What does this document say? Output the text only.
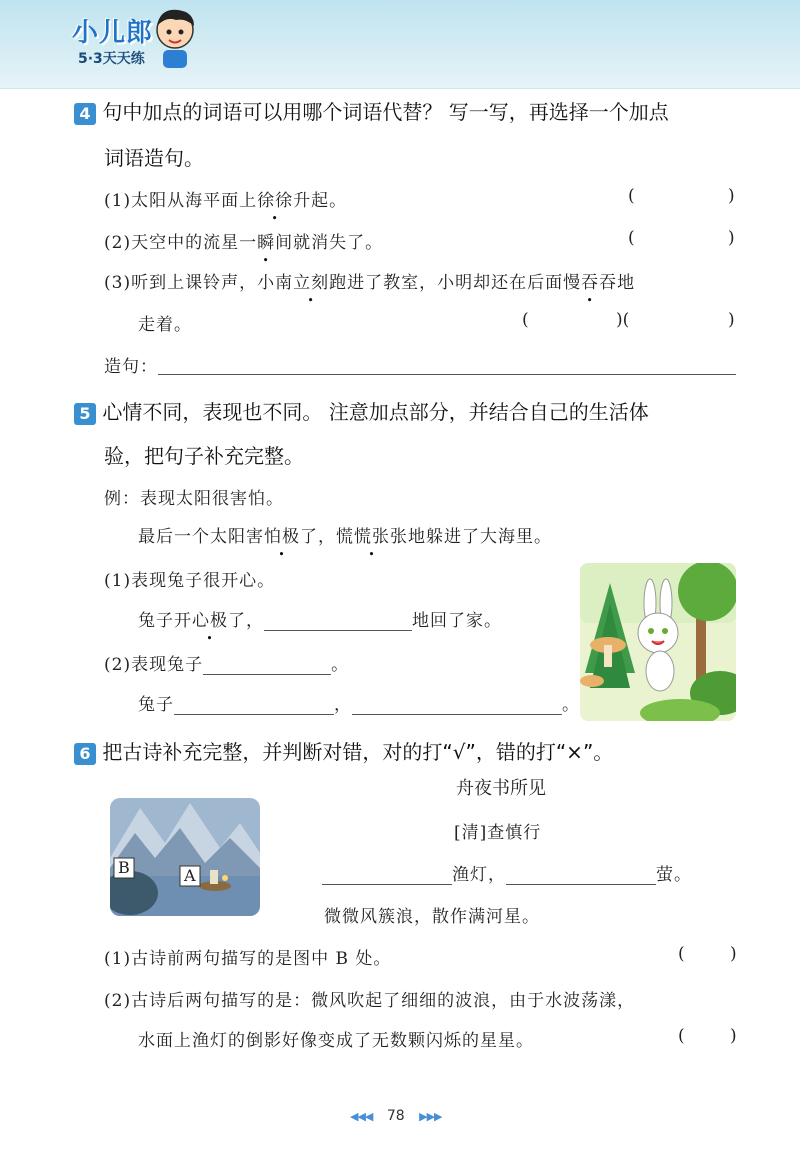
小儿郎
5·3天天练
4 句中加点的词语可以用哪个词语代替？ 写一写，再选择一个加点
词语造句。
(1)太阳从海平面上徐徐升起。	(	)
(2)天空中的流星一瞬间就消失了。	(	)
(3)听到上课铃声，小南立刻跑进了教室，小明却还在后面慢吞吞地
走着。	(	)(	)
造句：
5 心情不同，表现也不同。 注意加点部分，并结合自己的生活体
验，把句子补充完整。
例：表现太阳很害怕。
最后一个太阳害怕极了，慌慌张张地躲进了大海里。
(1)表现兔子很开心。
兔子开心极了，	地回了家。
(2)表现兔子	。
兔子	，	。
6 把古诗补充完整，并判断对错，对的打“√”，错的打“×”。
B	A
舟夜书所见
[清]查慎行
渔灯，	萤。
微微风簇浪，散作满河星。
(1)古诗前两句描写的是图中 B 处。	(	)
(2)古诗后两句描写的是：微风吹起了细细的波浪，由于水波荡漾，
水面上渔灯的倒影好像变成了无数颗闪烁的星星。	(	)
◀◀◀ 78 ▶▶▶
